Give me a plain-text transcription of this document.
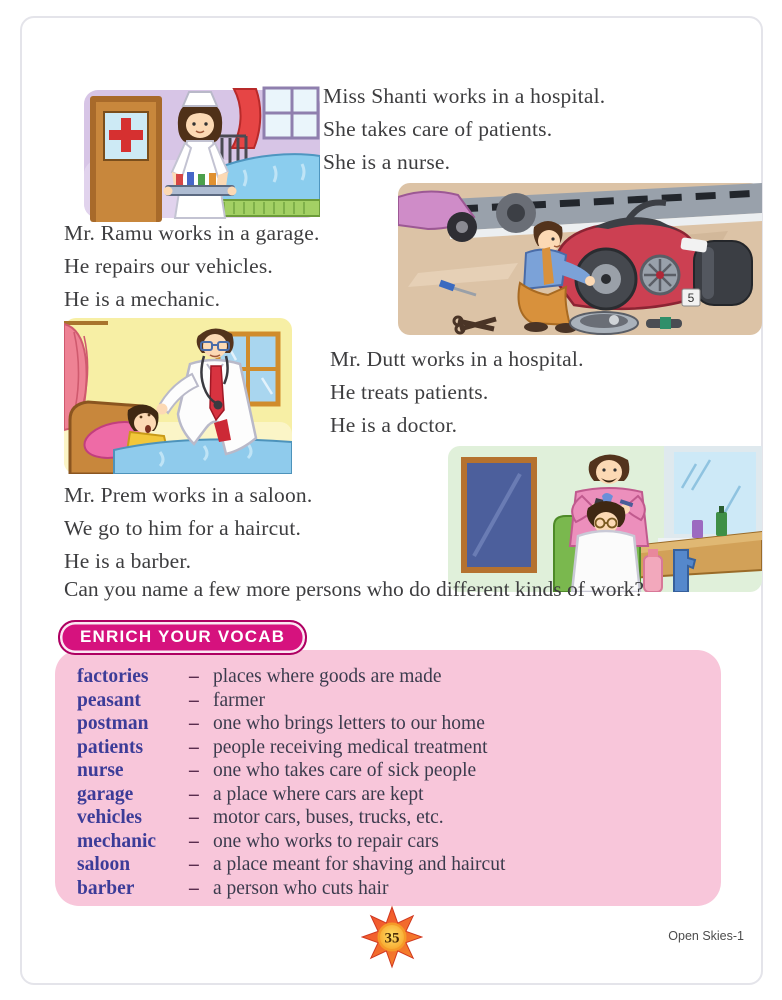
5
Miss Shanti works in a hospital.
She takes care of patients.
She is a nurse.
Mr. Ramu works in a garage.
He repairs our vehicles.
He is a mechanic.
Mr. Dutt works in a hospital.
He treats patients.
He is a doctor.
Mr. Prem works in a saloon.
We go to him for a haircut.
He is a barber.
Can you name a few more persons who do different kinds of work?
ENRICH YOUR VOCAB
factories	– places where goods are made
peasant	– farmer
postman	– one who brings letters to our home
patients	– people receiving medical treatment
nurse	– one who takes care of sick people
garage	– a place where cars are kept
vehicles	– motor cars, buses, trucks, etc.
mechanic	– one who works to repair cars
saloon	– a place meant for shaving and haircut
barber	– a person who cuts hair
35	Open Skies-1
